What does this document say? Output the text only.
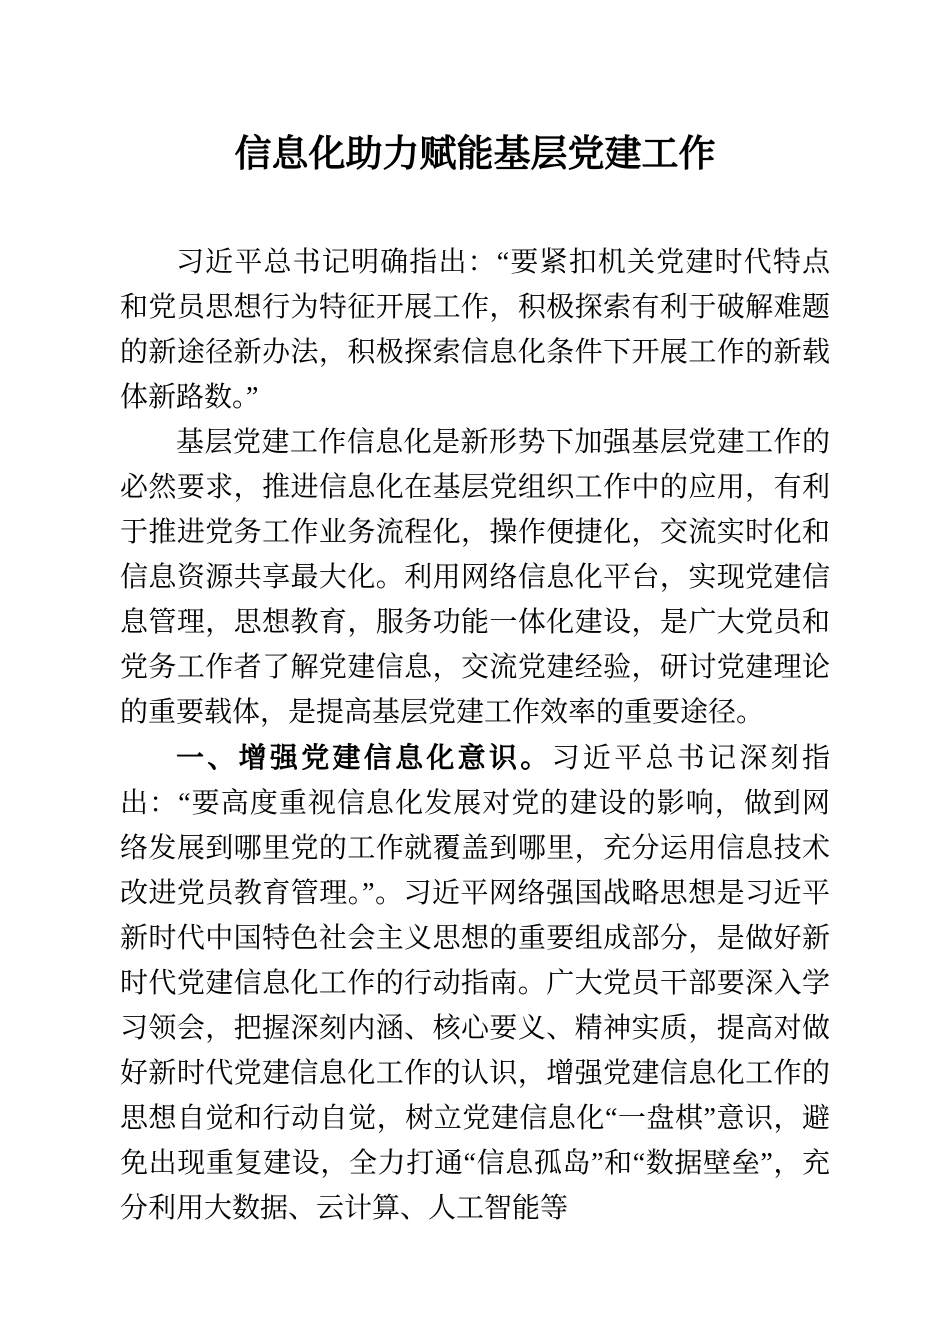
信息化助力赋能基层党建工作

习近平总书记明确指出：“要紧扣机关党建时代特点和党员思想行为特征开展工作，积极探索有利于破解难题的新途径新办法，积极探索信息化条件下开展工作的新载体新路数。”

基层党建工作信息化是新形势下加强基层党建工作的必然要求，推进信息化在基层党组织工作中的应用，有利于推进党务工作业务流程化，操作便捷化，交流实时化和信息资源共享最大化。利用网络信息化平台，实现党建信息管理，思想教育，服务功能一体化建设，是广大党员和党务工作者了解党建信息，交流党建经验，研讨党建理论的重要载体，是提高基层党建工作效率的重要途径。

一、增强党建信息化意识。习近平总书记深刻指出：“要高度重视信息化发展对党的建设的影响，做到网络发展到哪里党的工作就覆盖到哪里，充分运用信息技术改进党员教育管理。”。习近平网络强国战略思想是习近平新时代中国特色社会主义思想的重要组成部分，是做好新时代党建信息化工作的行动指南。广大党员干部要深入学习领会，把握深刻内涵、核心要义、精神实质，提高对做好新时代党建信息化工作的认识，增强党建信息化工作的思想自觉和行动自觉，树立党建信息化“一盘棋”意识，避免出现重复建设，全力打通“信息孤岛”和“数据壁垒”，充分利用大数据、云计算、人工智能等
